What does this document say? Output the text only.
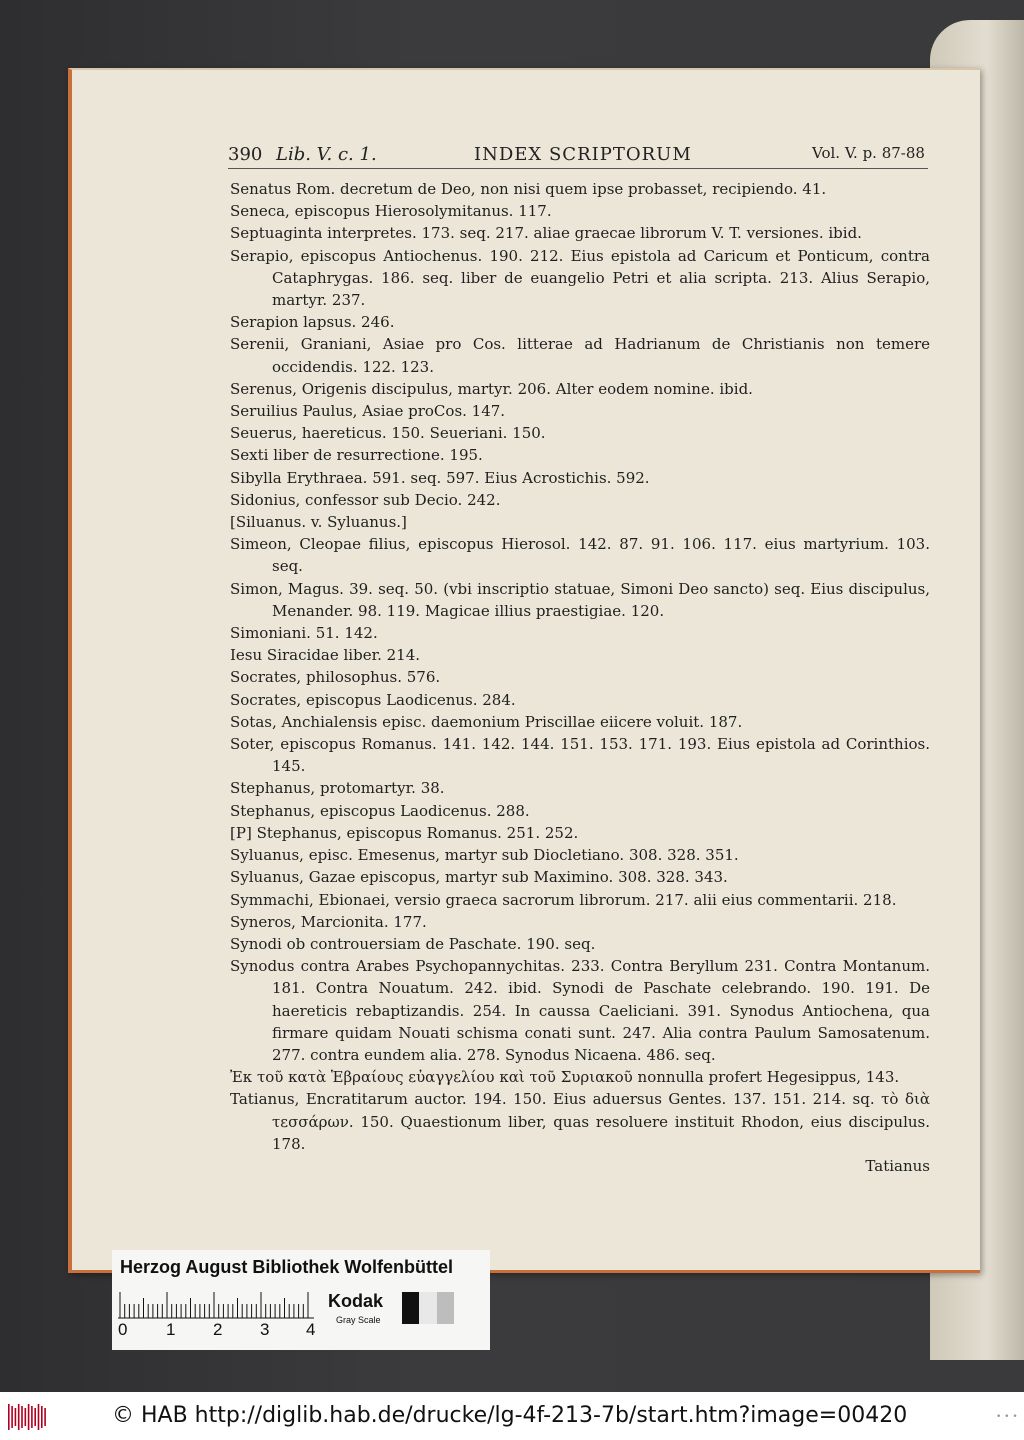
390 Lib. V. c. 1.	INDEX SCRIPTORUM	Vol. V. p. 87-88
Senatus Rom. decretum de Deo, non nisi quem ipse probasset, recipiendo. 41.
Seneca, episcopus Hierosolymitanus. 117.
Septuaginta interpretes. 173. seq. 217. aliae graecae librorum V. T. versiones. ibid.
Serapio, episcopus Antiochenus. 190. 212. Eius epistola ad Caricum et Ponticum, contra Cataphrygas. 186. seq. liber de euangelio Petri et alia scripta. 213. Alius Serapio, martyr. 237.
Serapion lapsus. 246.
Serenii, Graniani, Asiae pro Cos. litterae ad Hadrianum de Christianis non temere occidendis. 122. 123.
Serenus, Origenis discipulus, martyr. 206. Alter eodem nomine. ibid.
Seruilius Paulus, Asiae proCos. 147.
Seuerus, haereticus. 150. Seueriani. 150.
Sexti liber de resurrectione. 195.
Sibylla Erythraea. 591. seq. 597. Eius Acrostichis. 592.
Sidonius, confessor sub Decio. 242.
[Siluanus. v. Syluanus.]
Simeon, Cleopae filius, episcopus Hierosol. 142. 87. 91. 106. 117. eius martyrium. 103. seq.
Simon, Magus. 39. seq. 50. (vbi inscriptio statuae, Simoni Deo sancto) seq. Eius discipulus, Menander. 98. 119. Magicae illius praestigiae. 120.
Simoniani. 51. 142.
Iesu Siracidae liber. 214.
Socrates, philosophus. 576.
Socrates, episcopus Laodicenus. 284.
Sotas, Anchialensis episc. daemonium Priscillae eiicere voluit. 187.
Soter, episcopus Romanus. 141. 142. 144. 151. 153. 171. 193. Eius epistola ad Corinthios. 145.
Stephanus, protomartyr. 38.
Stephanus, episcopus Laodicenus. 288.
[P] Stephanus, episcopus Romanus. 251. 252.
Syluanus, episc. Emesenus, martyr sub Diocletiano. 308. 328. 351.
Syluanus, Gazae episcopus, martyr sub Maximino. 308. 328. 343.
Symmachi, Ebionaei, versio graeca sacrorum librorum. 217. alii eius commentarii. 218.
Syneros, Marcionita. 177.
Synodi ob controuersiam de Paschate. 190. seq.
Synodus contra Arabes Psychopannychitas. 233. Contra Beryllum 231. Contra Montanum. 181. Contra Nouatum. 242. ibid. Synodi de Paschate celebrando. 190. 191. De haereticis rebaptizandis. 254. In caussa Caeliciani. 391. Synodus Antiochena, qua firmare quidam Nouati schisma conati sunt. 247. Alia contra Paulum Samosatenum. 277. contra eundem alia. 278. Synodus Nicaena. 486. seq.
Ἐκ τοῦ κατὰ Ἑβραίους εὐαγγελίου καὶ τοῦ Συριακοῦ nonnulla profert Hegesippus, 143.
Tatianus, Encratitarum auctor. 194. 150. Eius aduersus Gentes. 137. 151. 214. sq. τὸ διὰ τεσσάρων. 150. Quaestionum liber, quas resoluere instituit Rhodon, eius discipulus. 178.
Tatianus
Herzog August Bibliothek Wolfenbüttel
0 1 2 3 4
Kodak
Gray Scale
© HAB http://diglib.hab.de/drucke/lg-4f-213-7b/start.htm?image=00420	• • •
